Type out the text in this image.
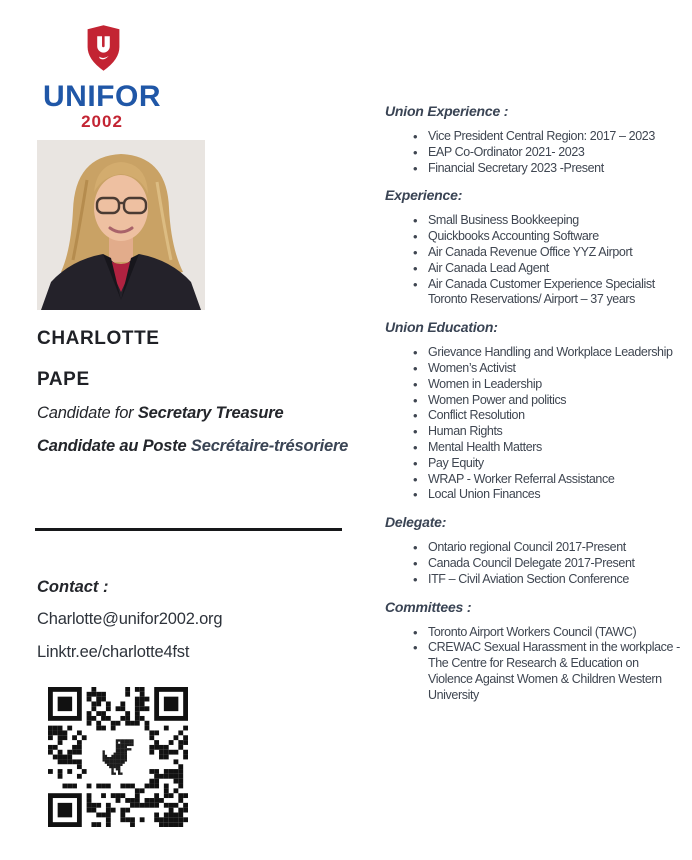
UNIFOR
2002
CHARLOTTE
PAPE
Candidate for Secretary Treasure
Candidate au Poste Secrétaire-trésoriere
Contact :
Charlotte@unifor2002.org
Linktr.ee/charlotte4fst
Union Experience :
• Vice President Central Region: 2017 – 2023
• EAP Co-Ordinator 2021- 2023
• Financial Secretary 2023 -Present
Experience:
• Small Business Bookkeeping
• Quickbooks Accounting Software
• Air Canada Revenue Office YYZ Airport
• Air Canada Lead Agent
• Air Canada Customer Experience Specialist Toronto Reservations/ Airport – 37 years
Union Education:
• Grievance Handling and Workplace Leadership
• Women’s Activist
• Women in Leadership
• Women Power and politics
• Conflict Resolution
• Human Rights
• Mental Health Matters
• Pay Equity
• WRAP - Worker Referral Assistance
• Local Union Finances
Delegate:
• Ontario regional Council 2017-Present
• Canada Council Delegate 2017-Present
• ITF – Civil Aviation Section Conference
Committees :
• Toronto Airport Workers Council (TAWC)
• CREWAC Sexual Harassment in the workplace - The Centre for Research & Education on Violence Against Women & Children Western University
